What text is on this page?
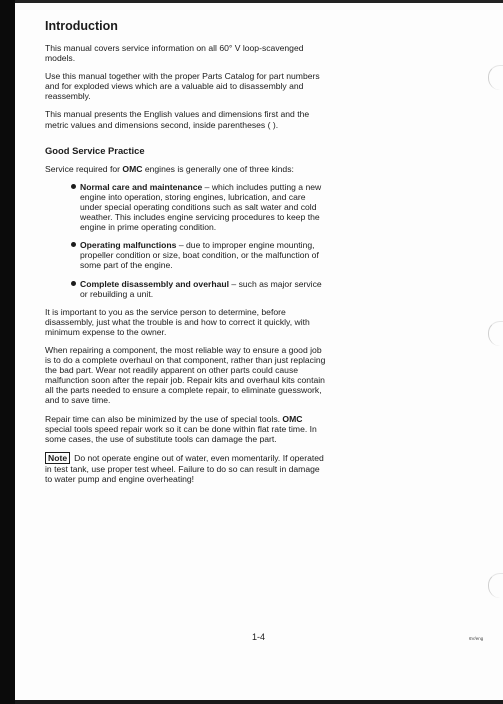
Introduction

This manual covers service information on all 60° V loop-scavenged models.

Use this manual together with the proper Parts Catalog for part numbers and for exploded views which are a valuable aid to disassembly and reassembly.

This manual presents the English values and dimensions first and the metric values and dimensions second, inside parentheses ( ).

Good Service Practice

Service required for OMC engines is generally one of three kinds:

Normal care and maintenance – which includes putting a new engine into operation, storing engines, lubrication, and care under special operating conditions such as salt water and cold weather. This includes engine servicing procedures to keep the engine in prime operating condition.
Operating malfunctions – due to improper engine mounting, propeller condition or size, boat condition, or the malfunction of some part of the engine.
Complete disassembly and overhaul – such as major service or rebuilding a unit.

It is important to you as the service person to determine, before disassembly, just what the trouble is and how to correct it quickly, with minimum expense to the owner.

When repairing a component, the most reliable way to ensure a good job is to do a complete overhaul on that component, rather than just replacing the bad part. Wear not readily apparent on other parts could cause malfunction soon after the repair job. Repair kits and overhaul kits contain all the parts needed to ensure a complete repair, to eliminate guesswork, and to save time.

Repair time can also be minimized by the use of special tools. OMC special tools speed repair work so it can be done within flat rate time. In some cases, the use of substitute tools can damage the part.

Note Do not operate engine out of water, even momentarily. If operated in test tank, use proper test wheel. Failure to do so can result in damage to water pump and engine overheating!

1-4	6V/eng
